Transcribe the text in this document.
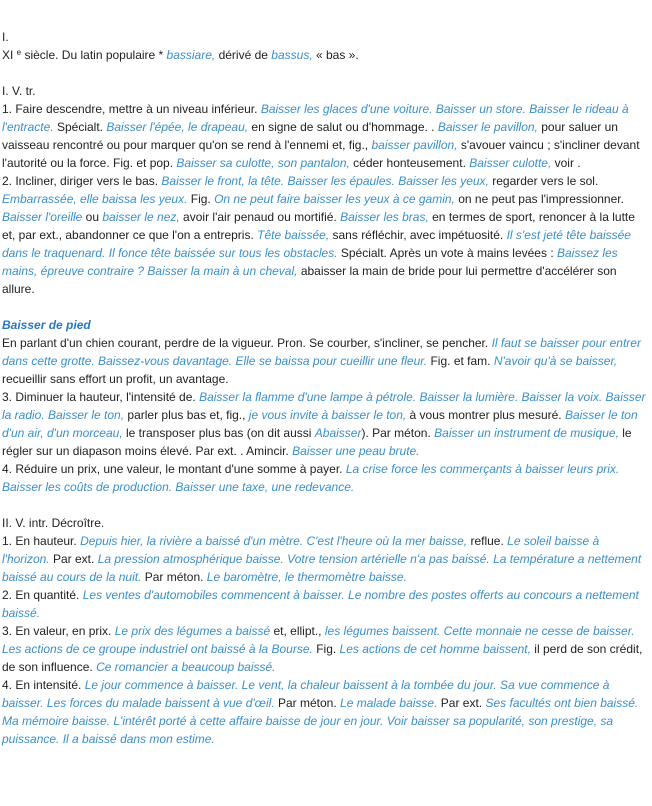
I.

XI $^e$ siècle. Du latin populaire * bassiare, dérivé de bassus, « bas ».

I. V. tr.

1. Faire descendre, mettre à un niveau inférieur. Baisser les glaces d'une voiture. Baisser un store. Baisser le rideau à l'entracte. Spécialt. Baisser l'épée, le drapeau, en signe de salut ou d'hommage. . Baisser le pavillon, pour saluer un vaisseau rencontré ou pour marquer qu'on se rend à l'ennemi et, fig., baisser pavillon, s'avouer vaincu ; s'incliner devant l'autorité ou la force. Fig. et pop. Baisser sa culotte, son pantalon, céder honteusement. Baisser culotte, voir .

2. Incliner, diriger vers le bas. Baisser le front, la tête. Baisser les épaules. Baisser les yeux, regarder vers le sol. Embarrassée, elle baissa les yeux. Fig. On ne peut faire baisser les yeux à ce gamin, on ne peut pas l'impressionner. Baisser l'oreille ou baisser le nez, avoir l'air penaud ou mortifié. Baisser les bras, en termes de sport, renoncer à la lutte et, par ext., abandonner ce que l'on a entrepris. Tête baissée, sans réfléchir, avec impétuosité. Il s'est jeté tête baissée dans le traquenard. Il fonce tête baissée sur tous les obstacles. Spécialt. Après un vote à mains levées : Baissez les mains, épreuve contraire ? Baisser la main à un cheval, abaisser la main de bride pour lui permettre d'accélérer son allure.

Baisser de pied

En parlant d'un chien courant, perdre de la vigueur. Pron. Se courber, s'incliner, se pencher. Il faut se baisser pour entrer dans cette grotte. Baissez-vous davantage. Elle se baissa pour cueillir une fleur. Fig. et fam. N'avoir qu'à se baisser, recueillir sans effort un profit, un avantage.

3. Diminuer la hauteur, l'intensité de. Baisser la flamme d'une lampe à pétrole. Baisser la lumière. Baisser la voix. Baisser la radio. Baisser le ton, parler plus bas et, fig., je vous invite à baisser le ton, à vous montrer plus mesuré. Baisser le ton d'un air, d'un morceau, le transposer plus bas (on dit aussi Abaisser). Par méton. Baisser un instrument de musique, le régler sur un diapason moins élevé. Par ext. . Amincir. Baisser une peau brute.

4. Réduire un prix, une valeur, le montant d'une somme à payer. La crise force les commerçants à baisser leurs prix. Baisser les coûts de production. Baisser une taxe, une redevance.

II. V. intr. Décroître.

1. En hauteur. Depuis hier, la rivière a baissé d'un mètre. C'est l'heure où la mer baisse, reflue. Le soleil baisse à l'horizon. Par ext. La pression atmosphérique baisse. Votre tension artérielle n'a pas baissé. La température a nettement baissé au cours de la nuit. Par méton. Le baromètre, le thermomètre baisse.

2. En quantité. Les ventes d'automobiles commencent à baisser. Le nombre des postes offerts au concours a nettement baissé.

3. En valeur, en prix. Le prix des légumes a baissé et, ellipt., les légumes baissent. Cette monnaie ne cesse de baisser. Les actions de ce groupe industriel ont baissé à la Bourse. Fig. Les actions de cet homme baissent, il perd de son crédit, de son influence. Ce romancier a beaucoup baissé.

4. En intensité. Le jour commence à baisser. Le vent, la chaleur baissent à la tombée du jour. Sa vue commence à baisser. Les forces du malade baissent à vue d'œil. Par méton. Le malade baisse. Par ext. Ses facultés ont bien baissé. Ma mémoire baisse. L'intérêt porté à cette affaire baisse de jour en jour. Voir baisser sa popularité, son prestige, sa puissance. Il a baissé dans mon estime.
